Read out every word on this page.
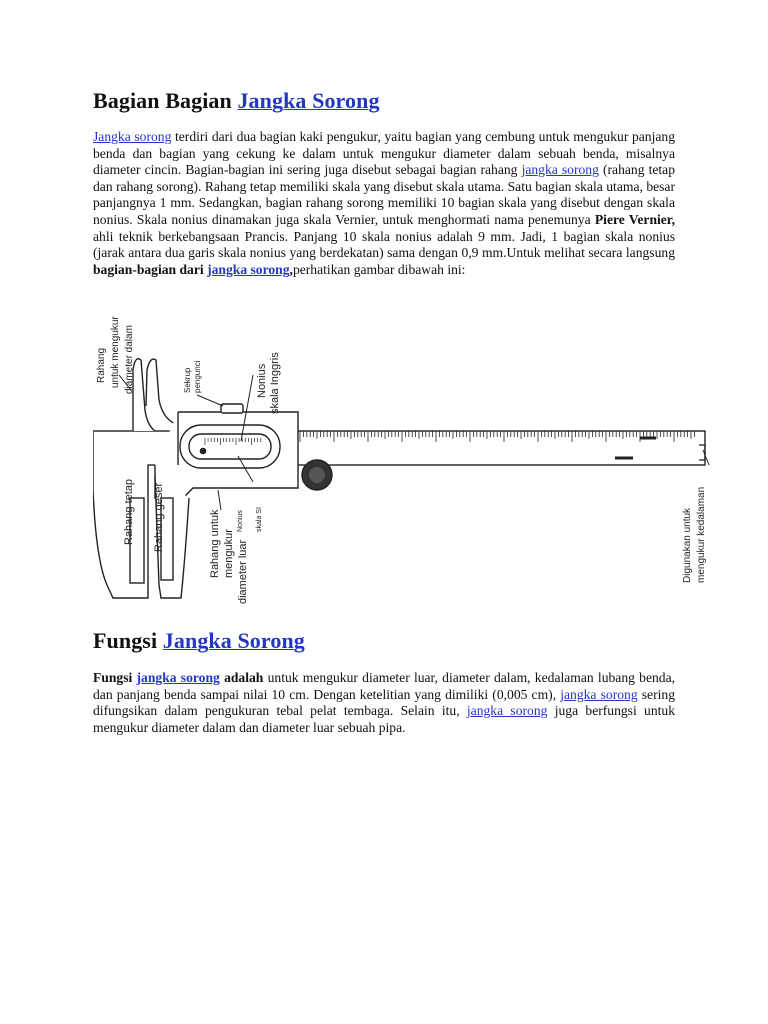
Bagian Bagian Jangka Sorong

Jangka sorong terdiri dari dua bagian kaki pengukur, yaitu bagian yang cembung untuk mengukur panjang benda dan bagian yang cekung ke dalam untuk mengukur diameter dalam sebuah benda, misalnya diameter cincin. Bagian-bagian ini sering juga disebut sebagai bagian rahang jangka sorong (rahang tetap dan rahang sorong). Rahang tetap memiliki skala yang disebut skala utama. Satu bagian skala utama, besar panjangnya 1 mm. Sedangkan, bagian rahang sorong memiliki 10 bagian skala yang disebut dengan skala nonius. Skala nonius dinamakan juga skala Vernier, untuk menghormati nama penemunya Piere Vernier, ahli teknik berkebangsaan Prancis. Panjang 10 skala nonius adalah 9 mm. Jadi, 1 bagian skala nonius (jarak antara dua garis skala nonius yang berdekatan) sama dengan 0,9 mm.Untuk melihat secara langsung bagian-bagian dari jangka sorong,perhatikan gambar dibawah ini:

Rahang untuk mengukur diameter dalam	Sekrup pengunci	Nonius skala Inggris
Nonius skala SI
Rahang tetap Rahang geser	Rahang untuk mengukur diameter luar	Digunakan untuk mengukur kedalaman
Fungsi Jangka Sorong

Fungsi jangka sorong adalah untuk mengukur diameter luar, diameter dalam, kedalaman lubang benda, dan panjang benda sampai nilai 10 cm. Dengan ketelitian yang dimiliki (0,005 cm), jangka sorong sering difungsikan dalam pengukuran tebal pelat tembaga. Selain itu, jangka sorong juga berfungsi untuk mengukur diameter dalam dan diameter luar sebuah pipa.
